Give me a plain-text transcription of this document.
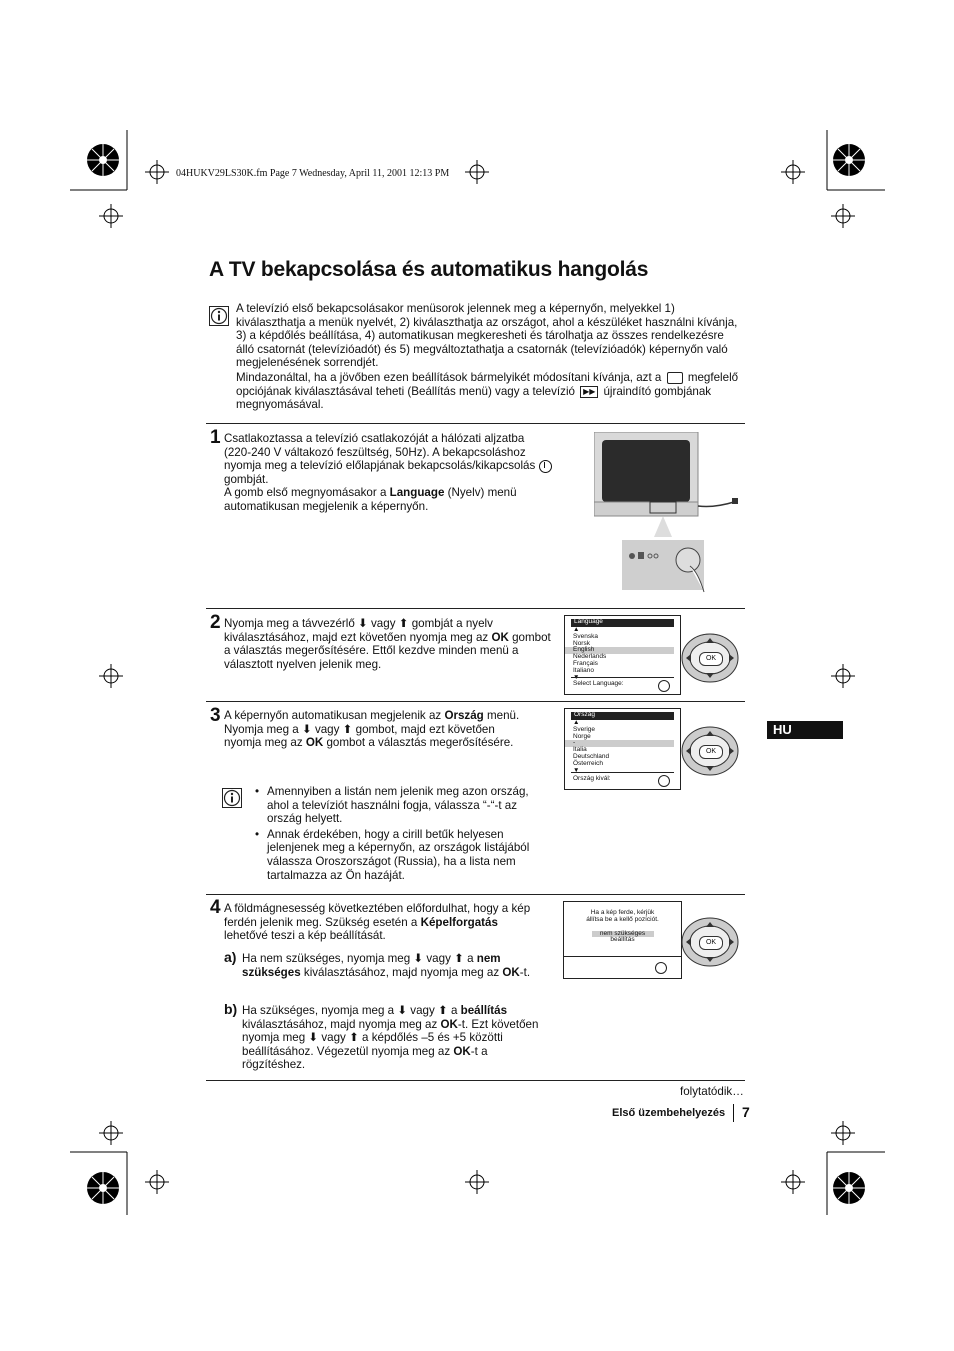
04HUKV29LS30K.fm Page 7 Wednesday, April 11, 2001 12:13 PM
A TV bekapcsolása és automatikus hangolás

A televízió első bekapcsolásakor menüsorok jelennek meg a képernyőn, melyekkel 1) kiválaszthatja a menük nyelvét, 2) kiválaszthatja az országot, ahol a készüléket használni kívánja, 3) a képdőlés beállítása, 4) automatikusan megkeresheti és tárolhatja az összes rendelkezésre álló csatornát (televízióadót) és 5) megváltoztathatja a csatornák (televízióadók) képernyőn való megjelenésének sorrendjét.

Mindazonáltal, ha a jövőben ezen beállítások bármelyikét módosítani kívánja, azt a megfelelő opciójának kiválasztásával teheti (Beállítás menü) vagy a televízió ▶▶ újraindító gombjának megnyomásával.

1 Csatlakoztassa a televízió csatlakozóját a hálózati aljzatba (220-240 V váltakozó feszültség, 50Hz). A bekapcsoláshoz nyomja meg a televízió előlapjának bekapcsolás/kikapcsolás
gombját.
A gomb első megnyomásakor a Language (Nyelv) menü automatikusan megjelenik a képernyőn.

2 Nyomja meg a távvezérlő ⬇ vagy ⬆ gombját a nyelv kiválasztásához, majd ezt követően nyomja meg az OK gombot a választás megerősítésére. Ettől kezdve minden menü a választott nyelven jelenik meg.

Language
▲
Svenska
Norsk
English
Nederlands
Français
Italiano
▼
Select Language:
OK
3 A képernyőn automatikusan megjelenik az Ország menü. Nyomja meg a ⬇ vagy ⬆ gombot, majd ezt követően nyomja meg az OK gombot a választás megerősítésére.

Ország
▲
Sverige
Norge
-
Italia
Deutschland
Österreich
▼
Ország kivál:
OK
HU
• Amennyiben a listán nem jelenik meg azon ország, ahol a televíziót használni fogja, válassza “-“-t az ország helyett.
• Annak érdekében, hogy a cirill betűk helyesen jelenjenek meg a képernyőn, az országok listájából válassza Oroszországot (Russia), ha a lista nem tartalmazza az Ön hazáját.
4 A földmágnesesség következtében előfordulhat, hogy a kép ferdén jelenik meg. Szükség esetén a Képelforgatás lehetővé teszi a kép beállítását.

a) Ha nem szükséges, nyomja meg ⬇ vagy ⬆ a nem szükséges kiválasztásához, majd nyomja meg az OK-t.

b) Ha szükséges, nyomja meg a ⬇ vagy ⬆ a beállítás kiválasztásához, majd nyomja meg az OK-t. Ezt követően nyomja meg ⬇ vagy ⬆ a képdőlés –5 és +5 közötti beállításához. Végezetül nyomja meg az OK-t a rögzítéshez.

Ha a kép ferde, kérjük
állítsa be a kellő pozíciót.
nem szükséges
beállítás	OK
folytatódik…
Első üzembehelyezés 7
